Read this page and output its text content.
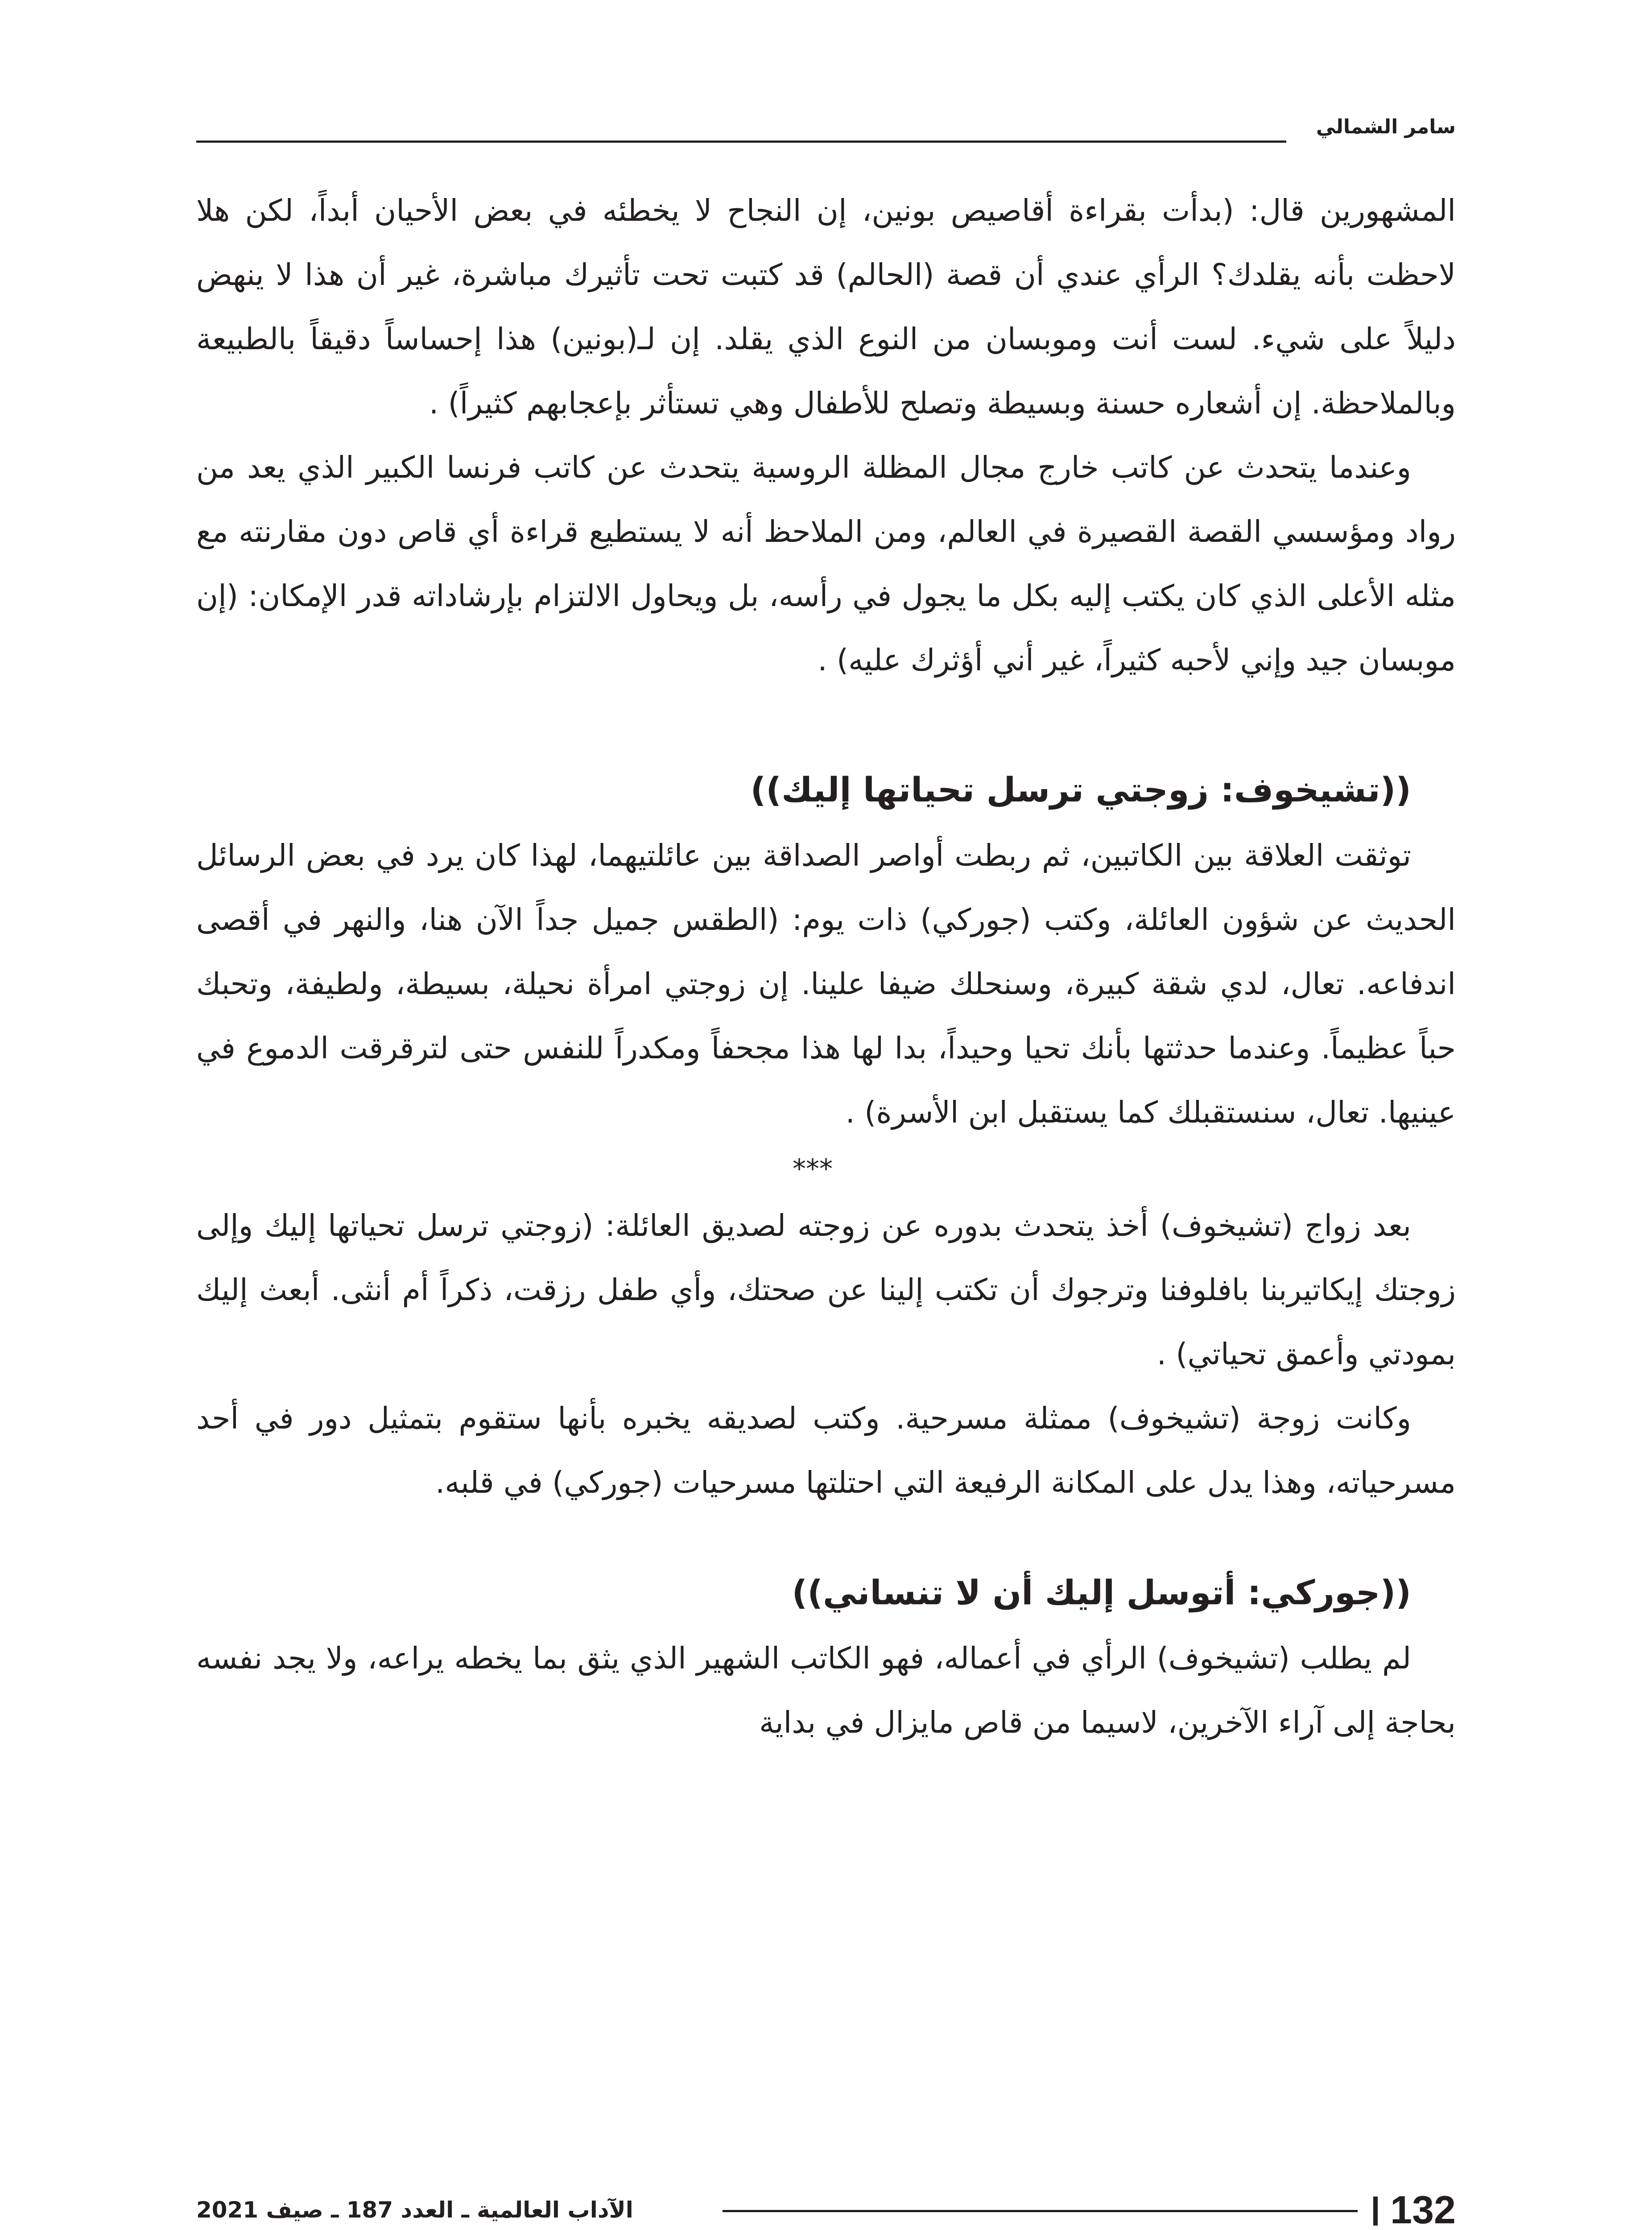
سامر الشمالي

المشهورين قال: (بدأت بقراءة أقاصيص بونين، إن النجاح لا يخطئه في بعض الأحيان أبداً، لكن هلا لاحظت بأنه يقلدك؟ الرأي عندي أن قصة (الحالم) قد كتبت تحت تأثيرك مباشرة، غير أن هذا لا ينهض دليلاً على شيء. لست أنت وموبسان من النوع الذي يقلد. إن لـ(بونين) هذا إحساساً دقيقاً بالطبيعة وبالملاحظة. إن أشعاره حسنة وبسيطة وتصلح للأطفال وهي تستأثر بإعجابهم كثيراً) .

وعندما يتحدث عن كاتب خارج مجال المظلة الروسية يتحدث عن كاتب فرنسا الكبير الذي يعد من رواد ومؤسسي القصة القصيرة في العالم، ومن الملاحظ أنه لا يستطيع قراءة أي قاص دون مقارنته مع مثله الأعلى الذي كان يكتب إليه بكل ما يجول في رأسه، بل ويحاول الالتزام بإرشاداته قدر الإمكان: (إن موبسان جيد وإني لأحبه كثيراً، غير أني أؤثرك عليه) .

((تشيخوف: زوجتي ترسل تحياتها إليك))

توثقت العلاقة بين الكاتبين، ثم ربطت أواصر الصداقة بين عائلتيهما، لهذا كان يرد في بعض الرسائل الحديث عن شؤون العائلة، وكتب (جوركي) ذات يوم: (الطقس جميل جداً الآن هنا، والنهر في أقصى اندفاعه. تعال، لدي شقة كبيرة، وسنحلك ضيفا علينا. إن زوجتي امرأة نحيلة، بسيطة، ولطيفة، وتحبك حباً عظيماً. وعندما حدثتها بأنك تحيا وحيداً، بدا لها هذا مجحفاً ومكدراً للنفس حتى لترقرقت الدموع في عينيها. تعال، سنستقبلك كما يستقبل ابن الأسرة) .

***

بعد زواج (تشيخوف) أخذ يتحدث بدوره عن زوجته لصديق العائلة: (زوجتي ترسل تحياتها إليك وإلى زوجتك إيكاتيربنا بافلوفنا وترجوك أن تكتب إلينا عن صحتك، وأي طفل رزقت، ذكراً أم أنثى. أبعث إليك بمودتي وأعمق تحياتي) .

وكانت زوجة (تشيخوف) ممثلة مسرحية. وكتب لصديقه يخبره بأنها ستقوم بتمثيل دور في أحد مسرحياته، وهذا يدل على المكانة الرفيعة التي احتلتها مسرحيات (جوركي) في قلبه.

((جوركي: أتوسل إليك أن لا تنساني))

لم يطلب (تشيخوف) الرأي في أعماله، فهو الكاتب الشهير الذي يثق بما يخطه يراعه، ولا يجد نفسه بحاجة إلى آراء الآخرين، لاسيما من قاص مايزال في بداية

132
الآداب العالمية ـ العدد 187 ـ صيف 2021
